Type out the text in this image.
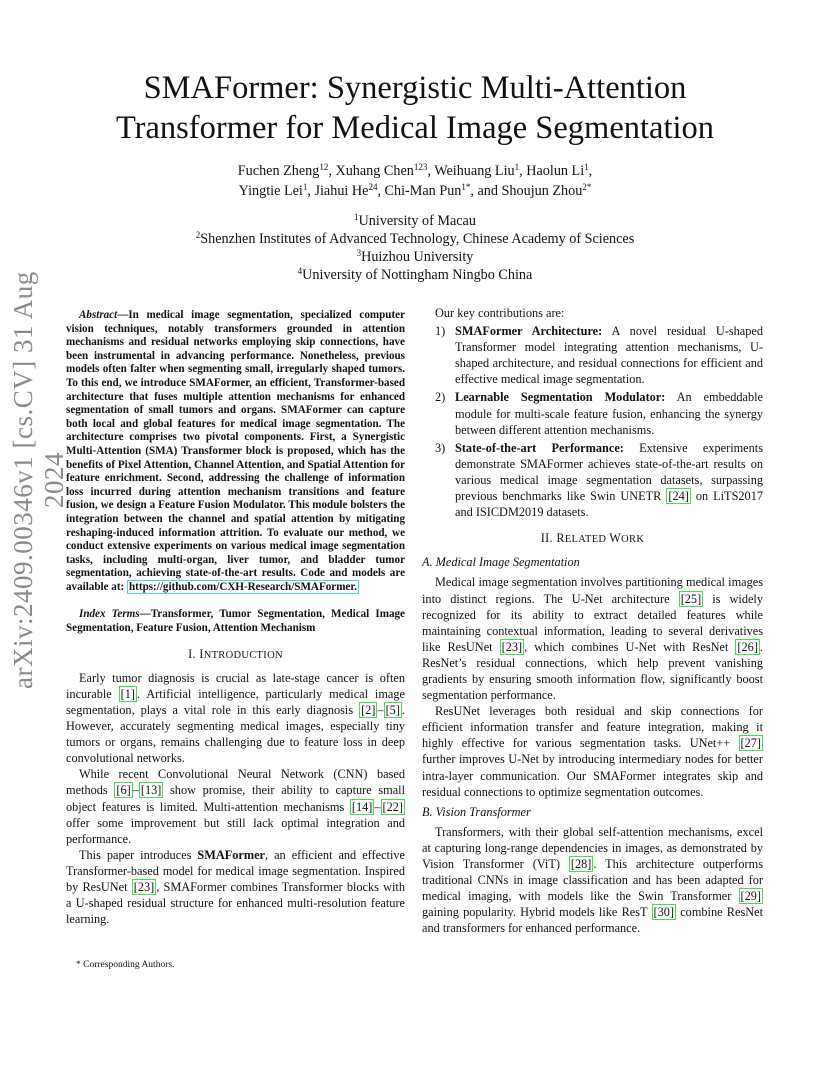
arXiv:2409.00346v1 [cs.CV] 31 Aug 2024
SMAFormer: Synergistic Multi-Attention
Transformer for Medical Image Segmentation
Fuchen Zheng$^{12}$, Xuhang Chen$^{123}$, Weihuang Liu$^1$, Haolun Li$^1$,
Yingtie Lei$^1$, Jiahui He$^{24}$, Chi-Man Pun$^{1*}$, and Shoujun Zhou$^{2*}$
$^1$University of Macau
$^2$Shenzhen Institutes of Advanced Technology, Chinese Academy of Sciences
$^3$Huizhou University
$^4$University of Nottingham Ningbo China

Abstract—In medical image segmentation, specialized computer vision techniques, notably transformers grounded in attention mechanisms and residual networks employing skip connections, have been instrumental in advancing performance. Nonetheless, previous models often falter when segmenting small, irregularly shaped tumors. To this end, we introduce SMAFormer, an efficient, Transformer-based architecture that fuses multiple attention mechanisms for enhanced segmentation of small tumors and organs. SMAFormer can capture both local and global features for medical image segmentation. The architecture comprises two pivotal components. First, a Synergistic Multi-Attention (SMA) Transformer block is proposed, which has the benefits of Pixel Attention, Channel Attention, and Spatial Attention for feature enrichment. Second, addressing the challenge of information loss incurred during attention mechanism transitions and feature fusion, we design a Feature Fusion Modulator. This module bolsters the integration between the channel and spatial attention by mitigating reshaping-induced information attrition. To evaluate our method, we conduct extensive experiments on various medical image segmentation tasks, including multi-organ, liver tumor, and bladder tumor segmentation, achieving state-of-the-art results. Code and models are available at: https://github.com/CXH-Research/SMAFormer.

Index Terms—Transformer, Tumor Segmentation, Medical Image Segmentation, Feature Fusion, Attention Mechanism

I. INTRODUCTION

Early tumor diagnosis is crucial as late-stage cancer is often incurable [1] . Artificial intelligence, particularly medical image segmentation, plays a vital role in this early diagnosis [2] – [5] . However, accurately segmenting medical images, especially tiny tumors or organs, remains challenging due to feature loss in deep convolutional networks.

While recent Convolutional Neural Network (CNN) based methods [6] – [13] show promise, their ability to capture small object features is limited. Multi-attention mechanisms [14] – [22] offer some improvement but still lack optimal integration and performance.

This paper introduces SMAFormer, an efficient and effective Transformer-based model for medical image segmentation. Inspired by ResUNet [23] , SMAFormer combines Transformer blocks with a U-shaped residual structure for enhanced multi-resolution feature learning.

* Corresponding Authors.

Our key contributions are:

1) SMAFormer Architecture: A novel residual U-shaped Transformer model integrating attention mechanisms, U-shaped architecture, and residual connections for efficient and effective medical image segmentation.
2) Learnable Segmentation Modulator: An embeddable module for multi-scale feature fusion, enhancing the synergy between different attention mechanisms.
3) State-of-the-art Performance: Extensive experiments demonstrate SMAFormer achieves state-of-the-art results on various medical image segmentation datasets, surpassing previous benchmarks like Swin UNETR [24] on LiTS2017 and ISICDM2019 datasets.
II. RELATED WORK
A. Medical Image Segmentation

Medical image segmentation involves partitioning medical images into distinct regions. The U-Net architecture [25] is widely recognized for its ability to extract detailed features while maintaining contextual information, leading to several derivatives like ResUNet [23] , which combines U-Net with ResNet [26] . ResNet’s residual connections, which help prevent vanishing gradients by ensuring smooth information flow, significantly boost segmentation performance.

ResUNet leverages both residual and skip connections for efficient information transfer and feature integration, making it highly effective for various segmentation tasks. UNet++ [27] further improves U-Net by introducing intermediary nodes for better intra-layer communication. Our SMAFormer integrates skip and residual connections to optimize segmentation outcomes.

B. Vision Transformer

Transformers, with their global self-attention mechanisms, excel at capturing long-range dependencies in images, as demonstrated by Vision Transformer (ViT) [28] . This architecture outperforms traditional CNNs in image classification and has been adapted for medical imaging, with models like the Swin Transformer [29] gaining popularity. Hybrid models like ResT [30] combine ResNet and transformers for enhanced performance.
